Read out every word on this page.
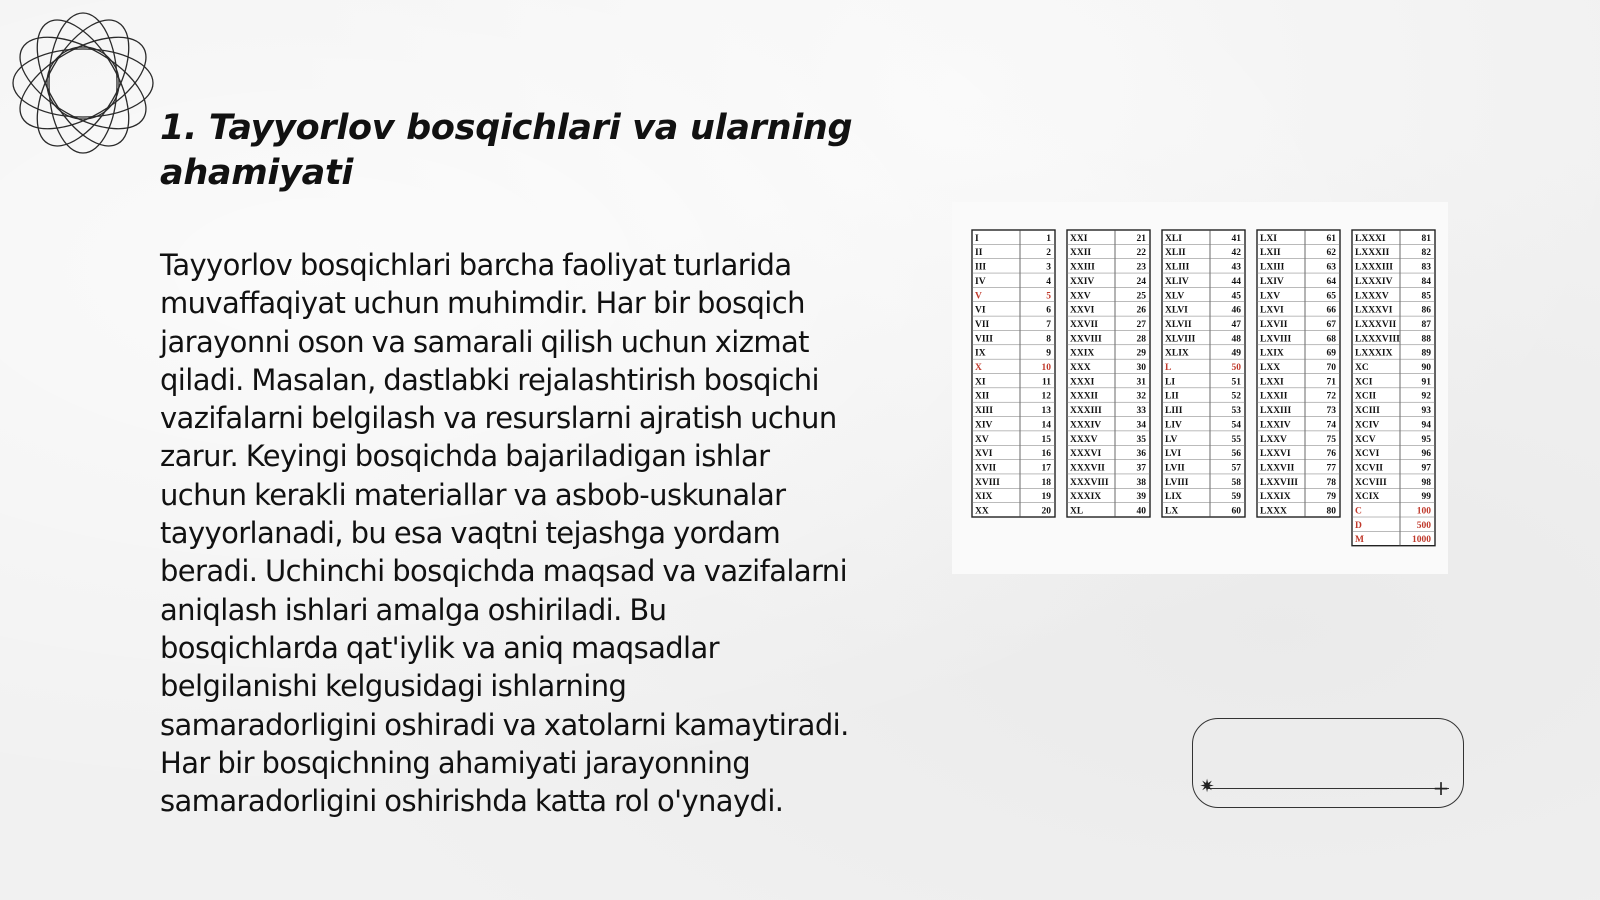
1. Tayyorlov bosqichlari va ularning ahamiyati

Tayyorlov bosqichlari barcha faoliyat turlarida muvaffaqiyat uchun muhimdir. Har bir bosqich jarayonni oson va samarali qilish uchun xizmat qiladi. Masalan, dastlabki rejalashtirish bosqichi vazifalarni belgilash va resurslarni ajratish uchun zarur. Keyingi bosqichda bajariladigan ishlar uchun kerakli materiallar va asbob-uskunalar tayyorlanadi, bu esa vaqtni tejashga yordam beradi. Uchinchi bosqichda maqsad va vazifalarni aniqlash ishlari amalga oshiriladi. Bu bosqichlarda qat'iylik va aniq maqsadlar belgilanishi kelgusidagi ishlarning samaradorligini oshiradi va xatolarni kamaytiradi. Har bir bosqichning ahamiyati jarayonning samaradorligini oshirishda katta rol o'ynaydi.

I	1
II	2
III	3
IV	4
V	5
VI	6
VII	7
VIII	8
IX	9
X	10
XI	11
XII	12
XIII	13
XIV	14
XV	15
XVI	16
XVII	17
XVIII	18
XIX	19
XX	20
XXI	21
XXII	22
XXIII	23
XXIV	24
XXV	25
XXVI	26
XXVII	27
XXVIII	28
XXIX	29
XXX	30
XXXI	31
XXXII	32
XXXIII	33
XXXIV	34
XXXV	35
XXXVI	36
XXXVII	37
XXXVIII	38
XXXIX	39
XL	40
XLI	41
XLII	42
XLIII	43
XLIV	44
XLV	45
XLVI	46
XLVII	47
XLVIII	48
XLIX	49
L	50
LI	51
LII	52
LIII	53
LIV	54
LV	55
LVI	56
LVII	57
LVIII	58
LIX	59
LX	60
LXI	61
LXII	62
LXIII	63
LXIV	64
LXV	65
LXVI	66
LXVII	67
LXVIII	68
LXIX	69
LXX	70
LXXI	71
LXXII	72
LXXIII	73
LXXIV	74
LXXV	75
LXXVI	76
LXXVII	77
LXXVIII	78
LXXIX	79
LXXX	80
LXXXI	81
LXXXII	82
LXXXIII	83
LXXXIV	84
LXXXV	85
LXXXVI	86
LXXXVII	87
LXXXVIII 88
LXXXIX	89
XC	90
XCI	91
XCII	92
XCIII	93
XCIV	94
XCV	95
XCVI	96
XCVII	97
XCVIII	98
XCIX	99
C	100
D	500
M	1000
✷	+
